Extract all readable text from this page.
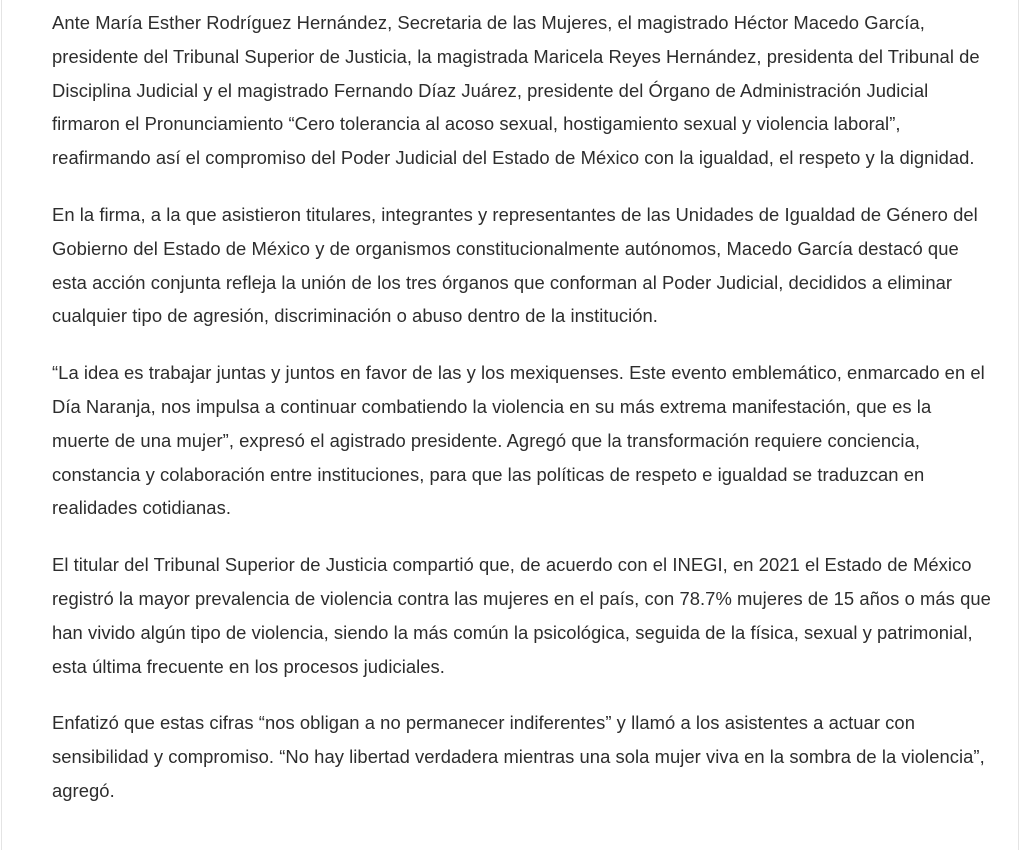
Ante María Esther Rodríguez Hernández, Secretaria de las Mujeres, el magistrado Héctor Macedo García, presidente del Tribunal Superior de Justicia, la magistrada Maricela Reyes Hernández, presidenta del Tribunal de Disciplina Judicial y el magistrado Fernando Díaz Juárez, presidente del Órgano de Administración Judicial firmaron el Pronunciamiento “Cero tolerancia al acoso sexual, hostigamiento sexual y violencia laboral”, reafirmando así el compromiso del Poder Judicial del Estado de México con la igualdad, el respeto y la dignidad.

En la firma, a la que asistieron titulares, integrantes y representantes de las Unidades de Igualdad de Género del Gobierno del Estado de México y de organismos constitucionalmente autónomos, Macedo García destacó que esta acción conjunta refleja la unión de los tres órganos que conforman al Poder Judicial, decididos a eliminar cualquier tipo de agresión, discriminación o abuso dentro de la institución.

“La idea es trabajar juntas y juntos en favor de las y los mexiquenses. Este evento emblemático, enmarcado en el Día Naranja, nos impulsa a continuar combatiendo la violencia en su más extrema manifestación, que es la muerte de una mujer”, expresó el agistrado presidente. Agregó que la transformación requiere conciencia, constancia y colaboración entre instituciones, para que las políticas de respeto e igualdad se traduzcan en realidades cotidianas.

El titular del Tribunal Superior de Justicia compartió que, de acuerdo con el INEGI, en 2021 el Estado de México registró la mayor prevalencia de violencia contra las mujeres en el país, con 78.7% mujeres de 15 años o más que han vivido algún tipo de violencia, siendo la más común la psicológica, seguida de la física, sexual y patrimonial, esta última frecuente en los procesos judiciales.

Enfatizó que estas cifras “nos obligan a no permanecer indiferentes” y llamó a los asistentes a actuar con sensibilidad y compromiso. “No hay libertad verdadera mientras una sola mujer viva en la sombra de la violencia”, agregó.
